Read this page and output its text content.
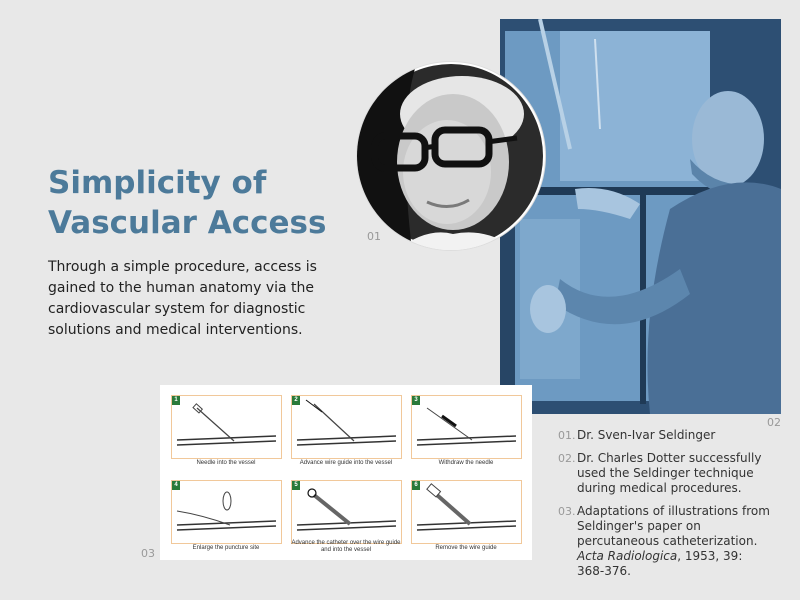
Simplicity of
Vascular Access

Through a simple procedure, access is gained to the human anatomy via the cardiovascular system for diagnostic solutions and medical interventions.

02
01
1
Needle into the vessel
2
Advance wire guide into the vessel
3
Withdraw the needle
4
Enlarge the puncture site
5
Advance the catheter over the wire guide and into the vessel
6
Remove the wire guide
03
01. Dr. Sven-Ivar Seldinger
02. Dr. Charles Dotter successfully used the Seldinger technique during medical procedures.
03. Adaptations of illustrations from Seldinger's paper on percutaneous catheterization. Acta Radiologica, 1953, 39: 368-376.
